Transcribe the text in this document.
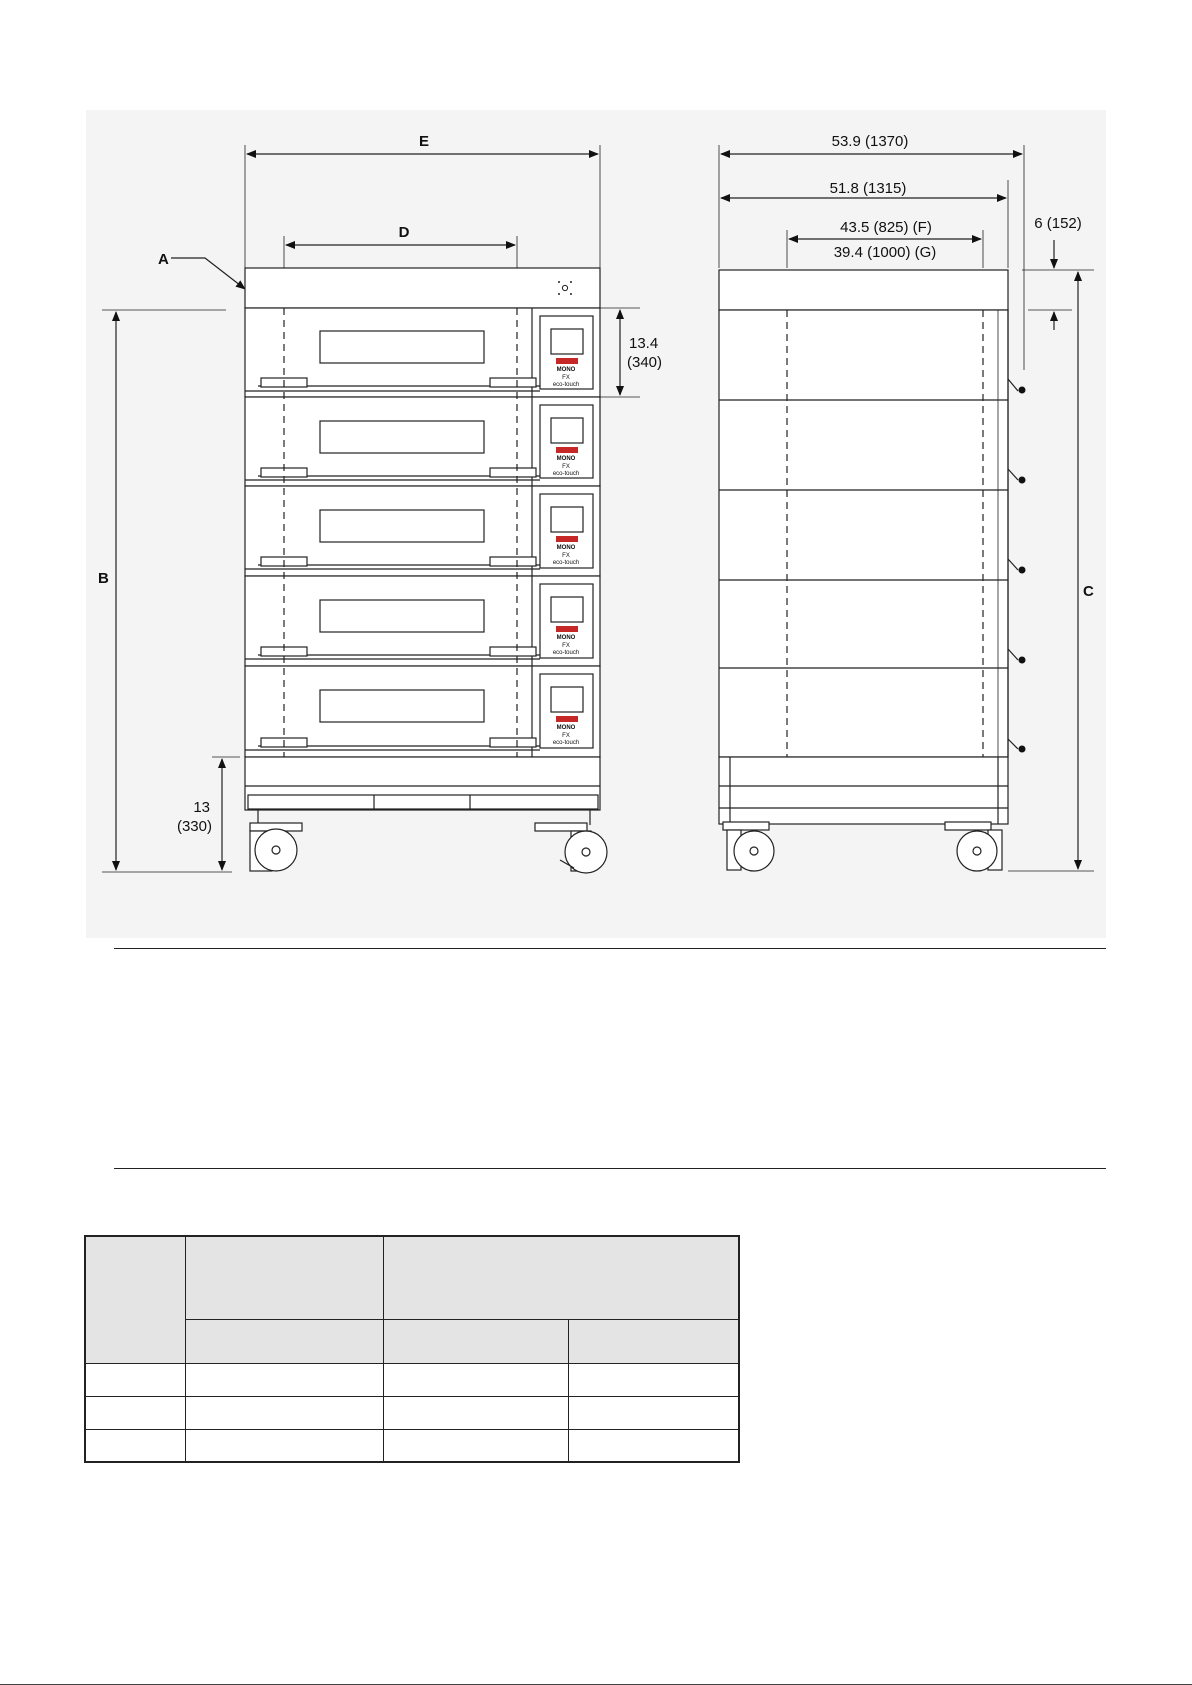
E
D
A
B
13.4
(340)
13
(330)
MONO
FX
eco-touch
MONO
FX
eco-touch
MONO
FX
eco-touch
MONO
FX
eco-touch
MONO
FX
eco-touch
53.9 (1370)
51.8 (1315)
43.5 (825) (F)
39.4 (1000) (G)
6 (152)
C
